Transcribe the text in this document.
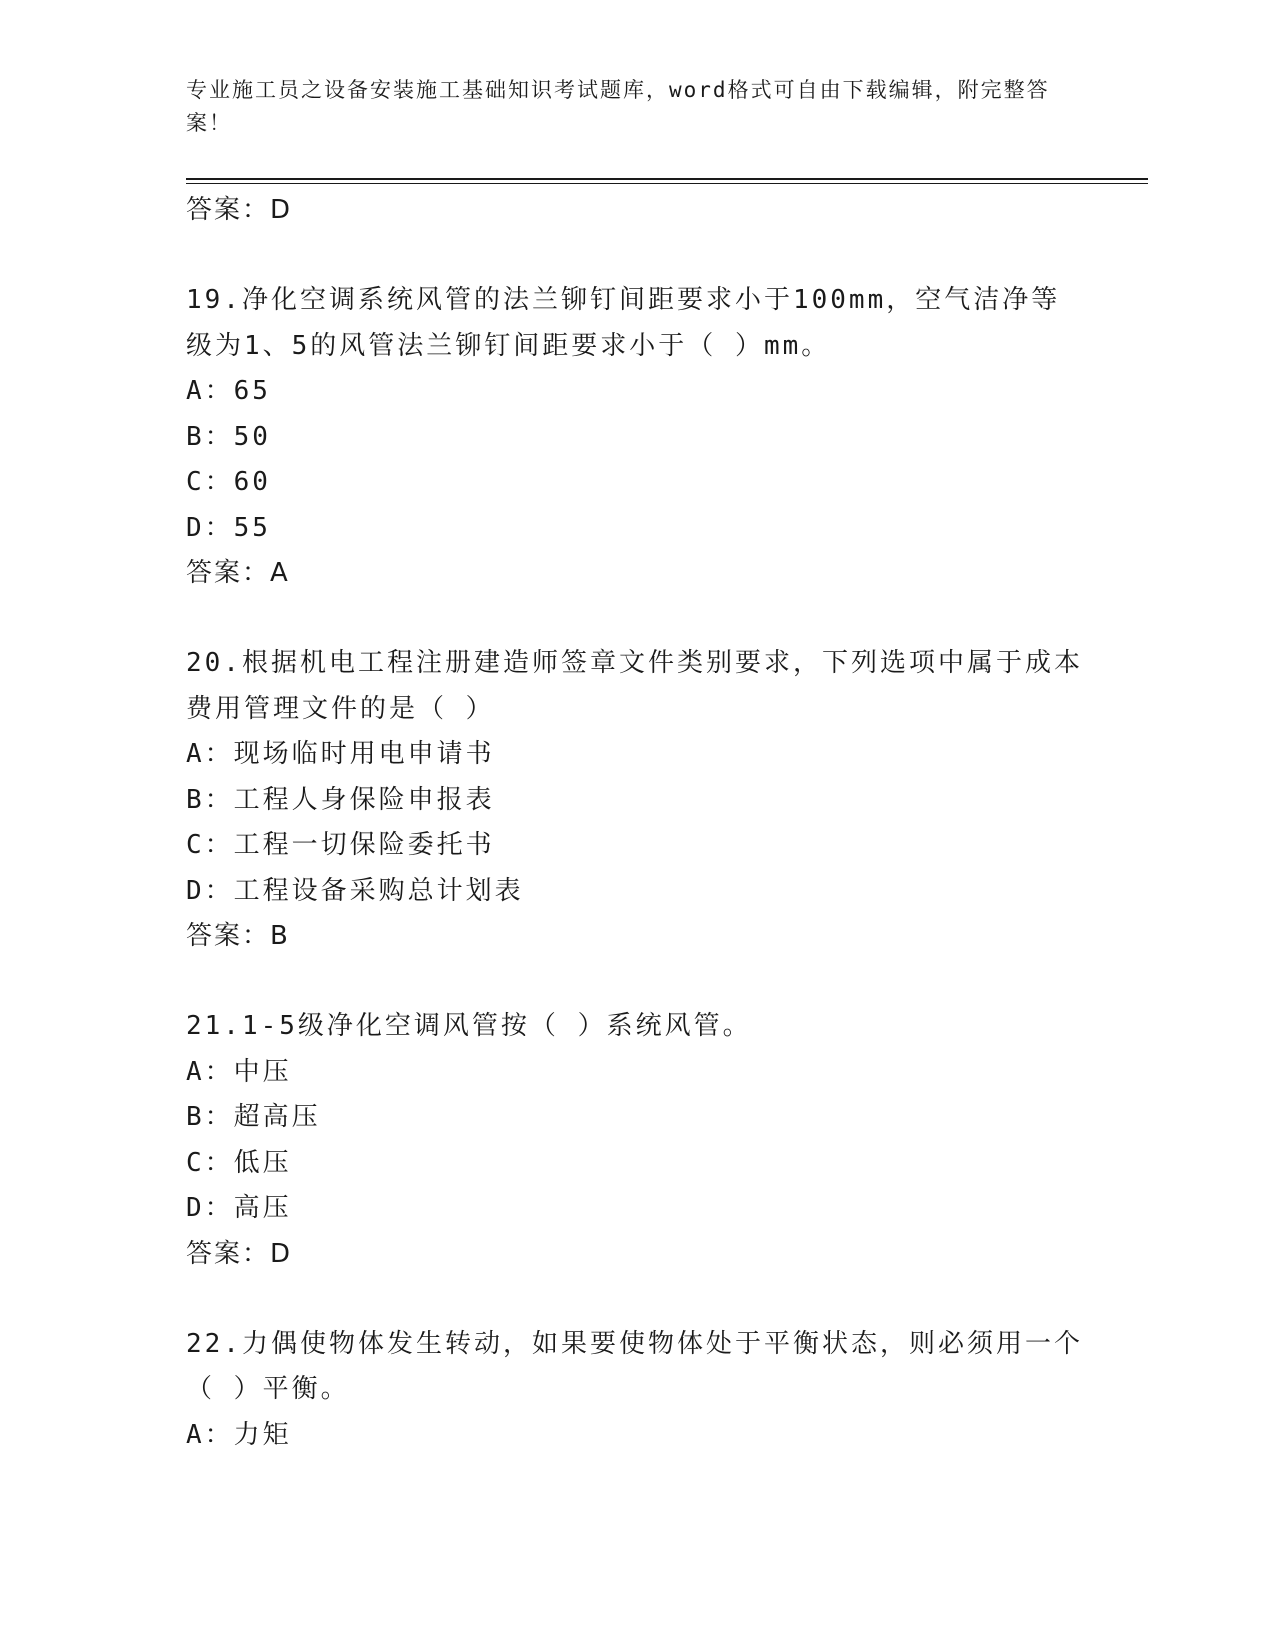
专业施工员之设备安装施工基础知识考试题库，word格式可自由下载编辑，附完整答案！

答案：D

19.净化空调系统风管的法兰铆钉间距要求小于100mm，空气洁净等级为1、5的风管法兰铆钉间距要求小于（ ）mm。

A：65

B：50

C：60

D：55

答案：A

20.根据机电工程注册建造师签章文件类别要求，下列选项中属于成本费用管理文件的是（ ）

A：现场临时用电申请书

B：工程人身保险申报表

C：工程一切保险委托书

D：工程设备采购总计划表

答案：B

21.1-5级净化空调风管按（ ）系统风管。

A：中压

B：超高压

C：低压

D：高压

答案：D

22.力偶使物体发生转动，如果要使物体处于平衡状态，则必须用一个（ ）平衡。

A：力矩
